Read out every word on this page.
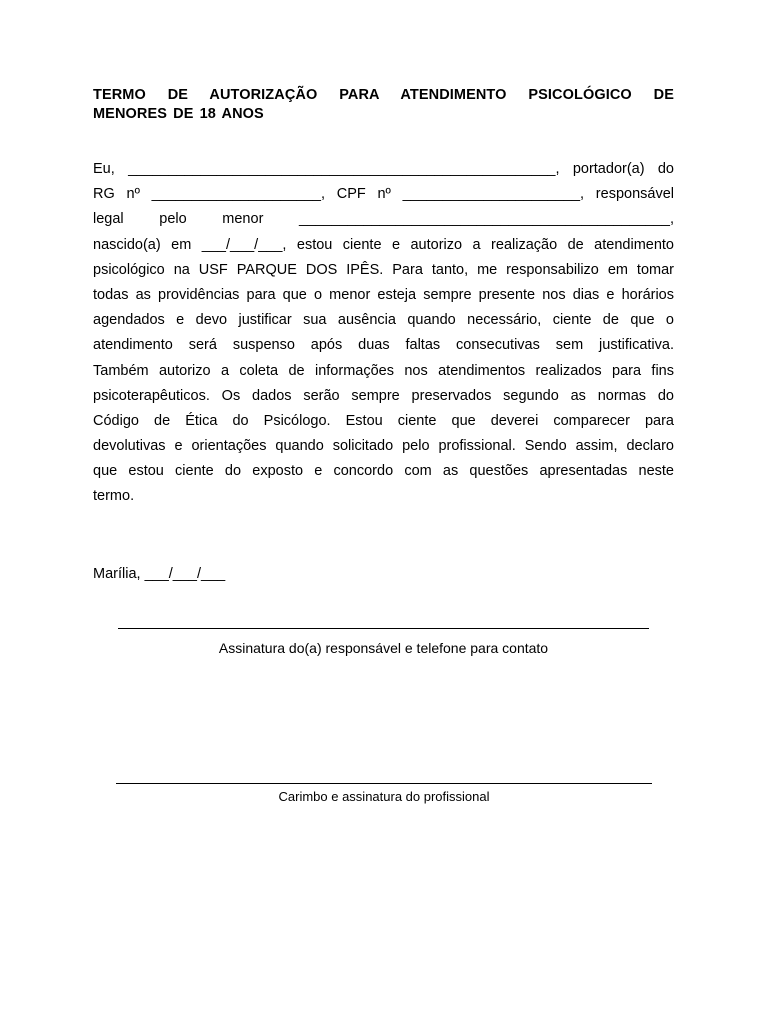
TERMO DE AUTORIZAÇÃO PARA ATENDIMENTO PSICOLÓGICO DE
MENORES DE 18 ANOS
Eu, _____________________________________________________, portador(a) do
RG nº _____________________, CPF nº ______________________, responsável
legal pelo menor ______________________________________________,
nascido(a) em ___/___/___, estou ciente e autorizo a realização de atendimento
psicológico na USF PARQUE DOS IPÊS. Para tanto, me responsabilizo em tomar
todas as providências para que o menor esteja sempre presente nos dias e horários
agendados e devo justificar sua ausência quando necessário, ciente de que o
atendimento será suspenso após duas faltas consecutivas sem justificativa.
Também autorizo a coleta de informações nos atendimentos realizados para fins
psicoterapêuticos. Os dados serão sempre preservados segundo as normas do
Código de Ética do Psicólogo. Estou ciente que deverei comparecer para
devolutivas e orientações quando solicitado pelo profissional. Sendo assim, declaro
que estou ciente do exposto e concordo com as questões apresentadas neste
termo.
Marília, ___/___/___
Assinatura do(a) responsável e telefone para contato
Carimbo e assinatura do profissional
